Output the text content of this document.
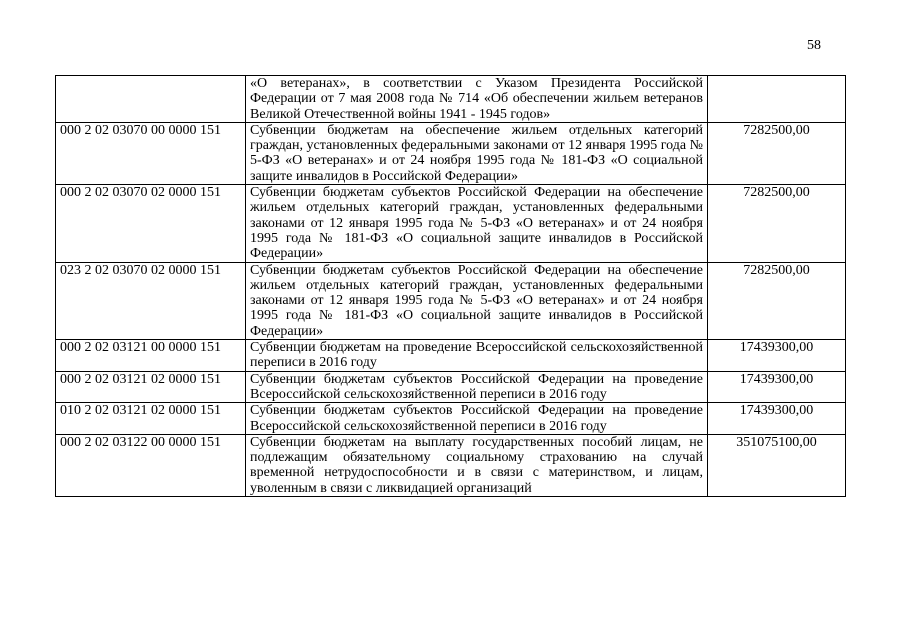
58
	«О ветеранах», в соответствии с Указом Президента Российской Федерации от 7 мая 2008 года № 714 «Об обеспечении жильем ветеранов Великой Отечественной войны 1941 - 1945 годов»	
000 2 02 03070 00 0000 151	Субвенции бюджетам на обеспечение жильем отдельных категорий граждан, установленных федеральными законами от 12 января 1995 года № 5-ФЗ «О ветеранах» и от 24 ноября 1995 года № 181-ФЗ «О социальной защите инвалидов в Российской Федерации»	7282500,00
000 2 02 03070 02 0000 151	Субвенции бюджетам субъектов Российской Федерации на обеспечение жильем отдельных категорий граждан, установленных федеральными законами от 12 января 1995 года № 5-ФЗ «О ветеранах» и от 24 ноября 1995 года № 181-ФЗ «О социальной защите инвалидов в Российской Федерации»	7282500,00
023 2 02 03070 02 0000 151	Субвенции бюджетам субъектов Российской Федерации на обеспечение жильем отдельных категорий граждан, установленных федеральными законами от 12 января 1995 года № 5-ФЗ «О ветеранах» и от 24 ноября 1995 года № 181-ФЗ «О социальной защите инвалидов в Российской Федерации»	7282500,00
000 2 02 03121 00 0000 151	Субвенции бюджетам на проведение Всероссийской сельскохозяйственной переписи в 2016 году	17439300,00
000 2 02 03121 02 0000 151	Субвенции бюджетам субъектов Российской Федерации на проведение Всероссийской сельскохозяйственной переписи в 2016 году	17439300,00
010 2 02 03121 02 0000 151	Субвенции бюджетам субъектов Российской Федерации на проведение Всероссийской сельскохозяйственной переписи в 2016 году	17439300,00
000 2 02 03122 00 0000 151	Субвенции бюджетам на выплату государственных пособий лицам, не подлежащим обязательному социальному страхованию на случай временной нетрудоспособности и в связи с материнством, и лицам, уволенным в связи с ликвидацией организаций	351075100,00
